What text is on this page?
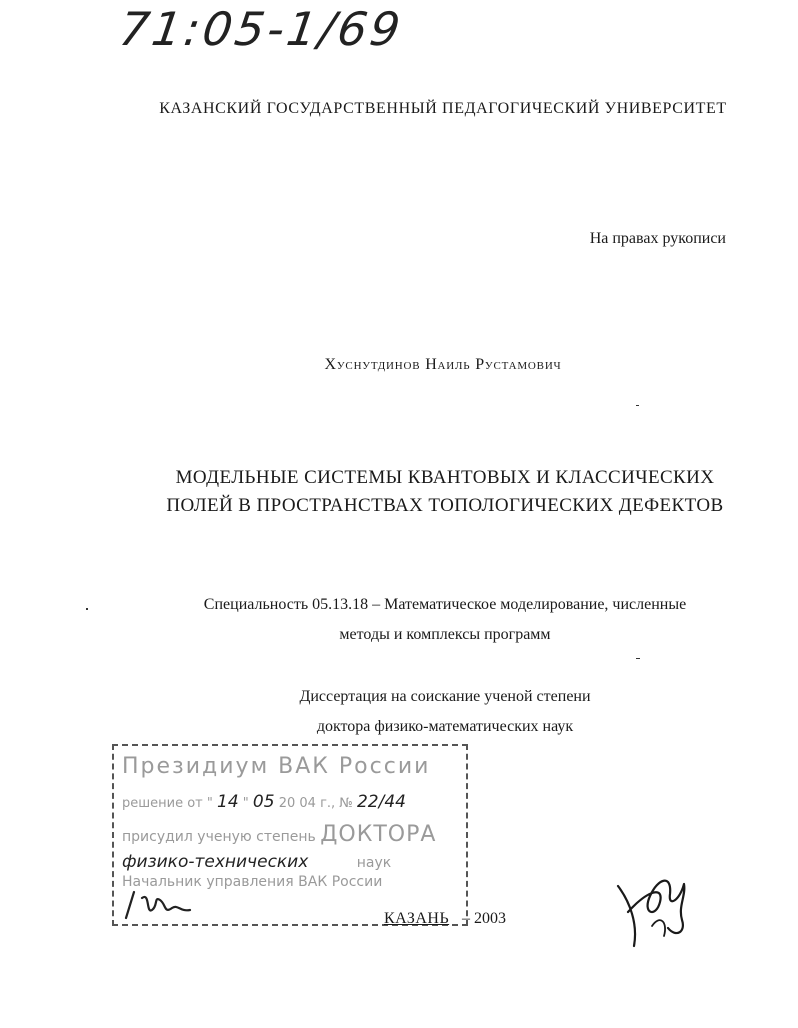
71:05-1/69
КАЗАНСКИЙ ГОСУДАРСТВЕННЫЙ ПЕДАГОГИЧЕСКИЙ УНИВЕРСИТЕТ
На правах рукописи
Хуснутдинов Наиль Рустамович
МОДЕЛЬНЫЕ СИСТЕМЫ КВАНТОВЫХ И КЛАССИЧЕСКИХ
ПОЛЕЙ В ПРОСТРАНСТВАХ ТОПОЛОГИЧЕСКИХ ДЕФЕКТОВ
Специальность 05.13.18 – Математическое моделирование, численные
методы и комплексы программ
Диссертация на соискание ученой степени
доктора физико-математических наук
Президиум ВАК России
решение от " 14 " 05 20 04 г., № 22/44
присудил ученую степень ДОКТОРА
физико-технических	наук
Начальник управления ВАК России
КАЗАНЬ – 2003
